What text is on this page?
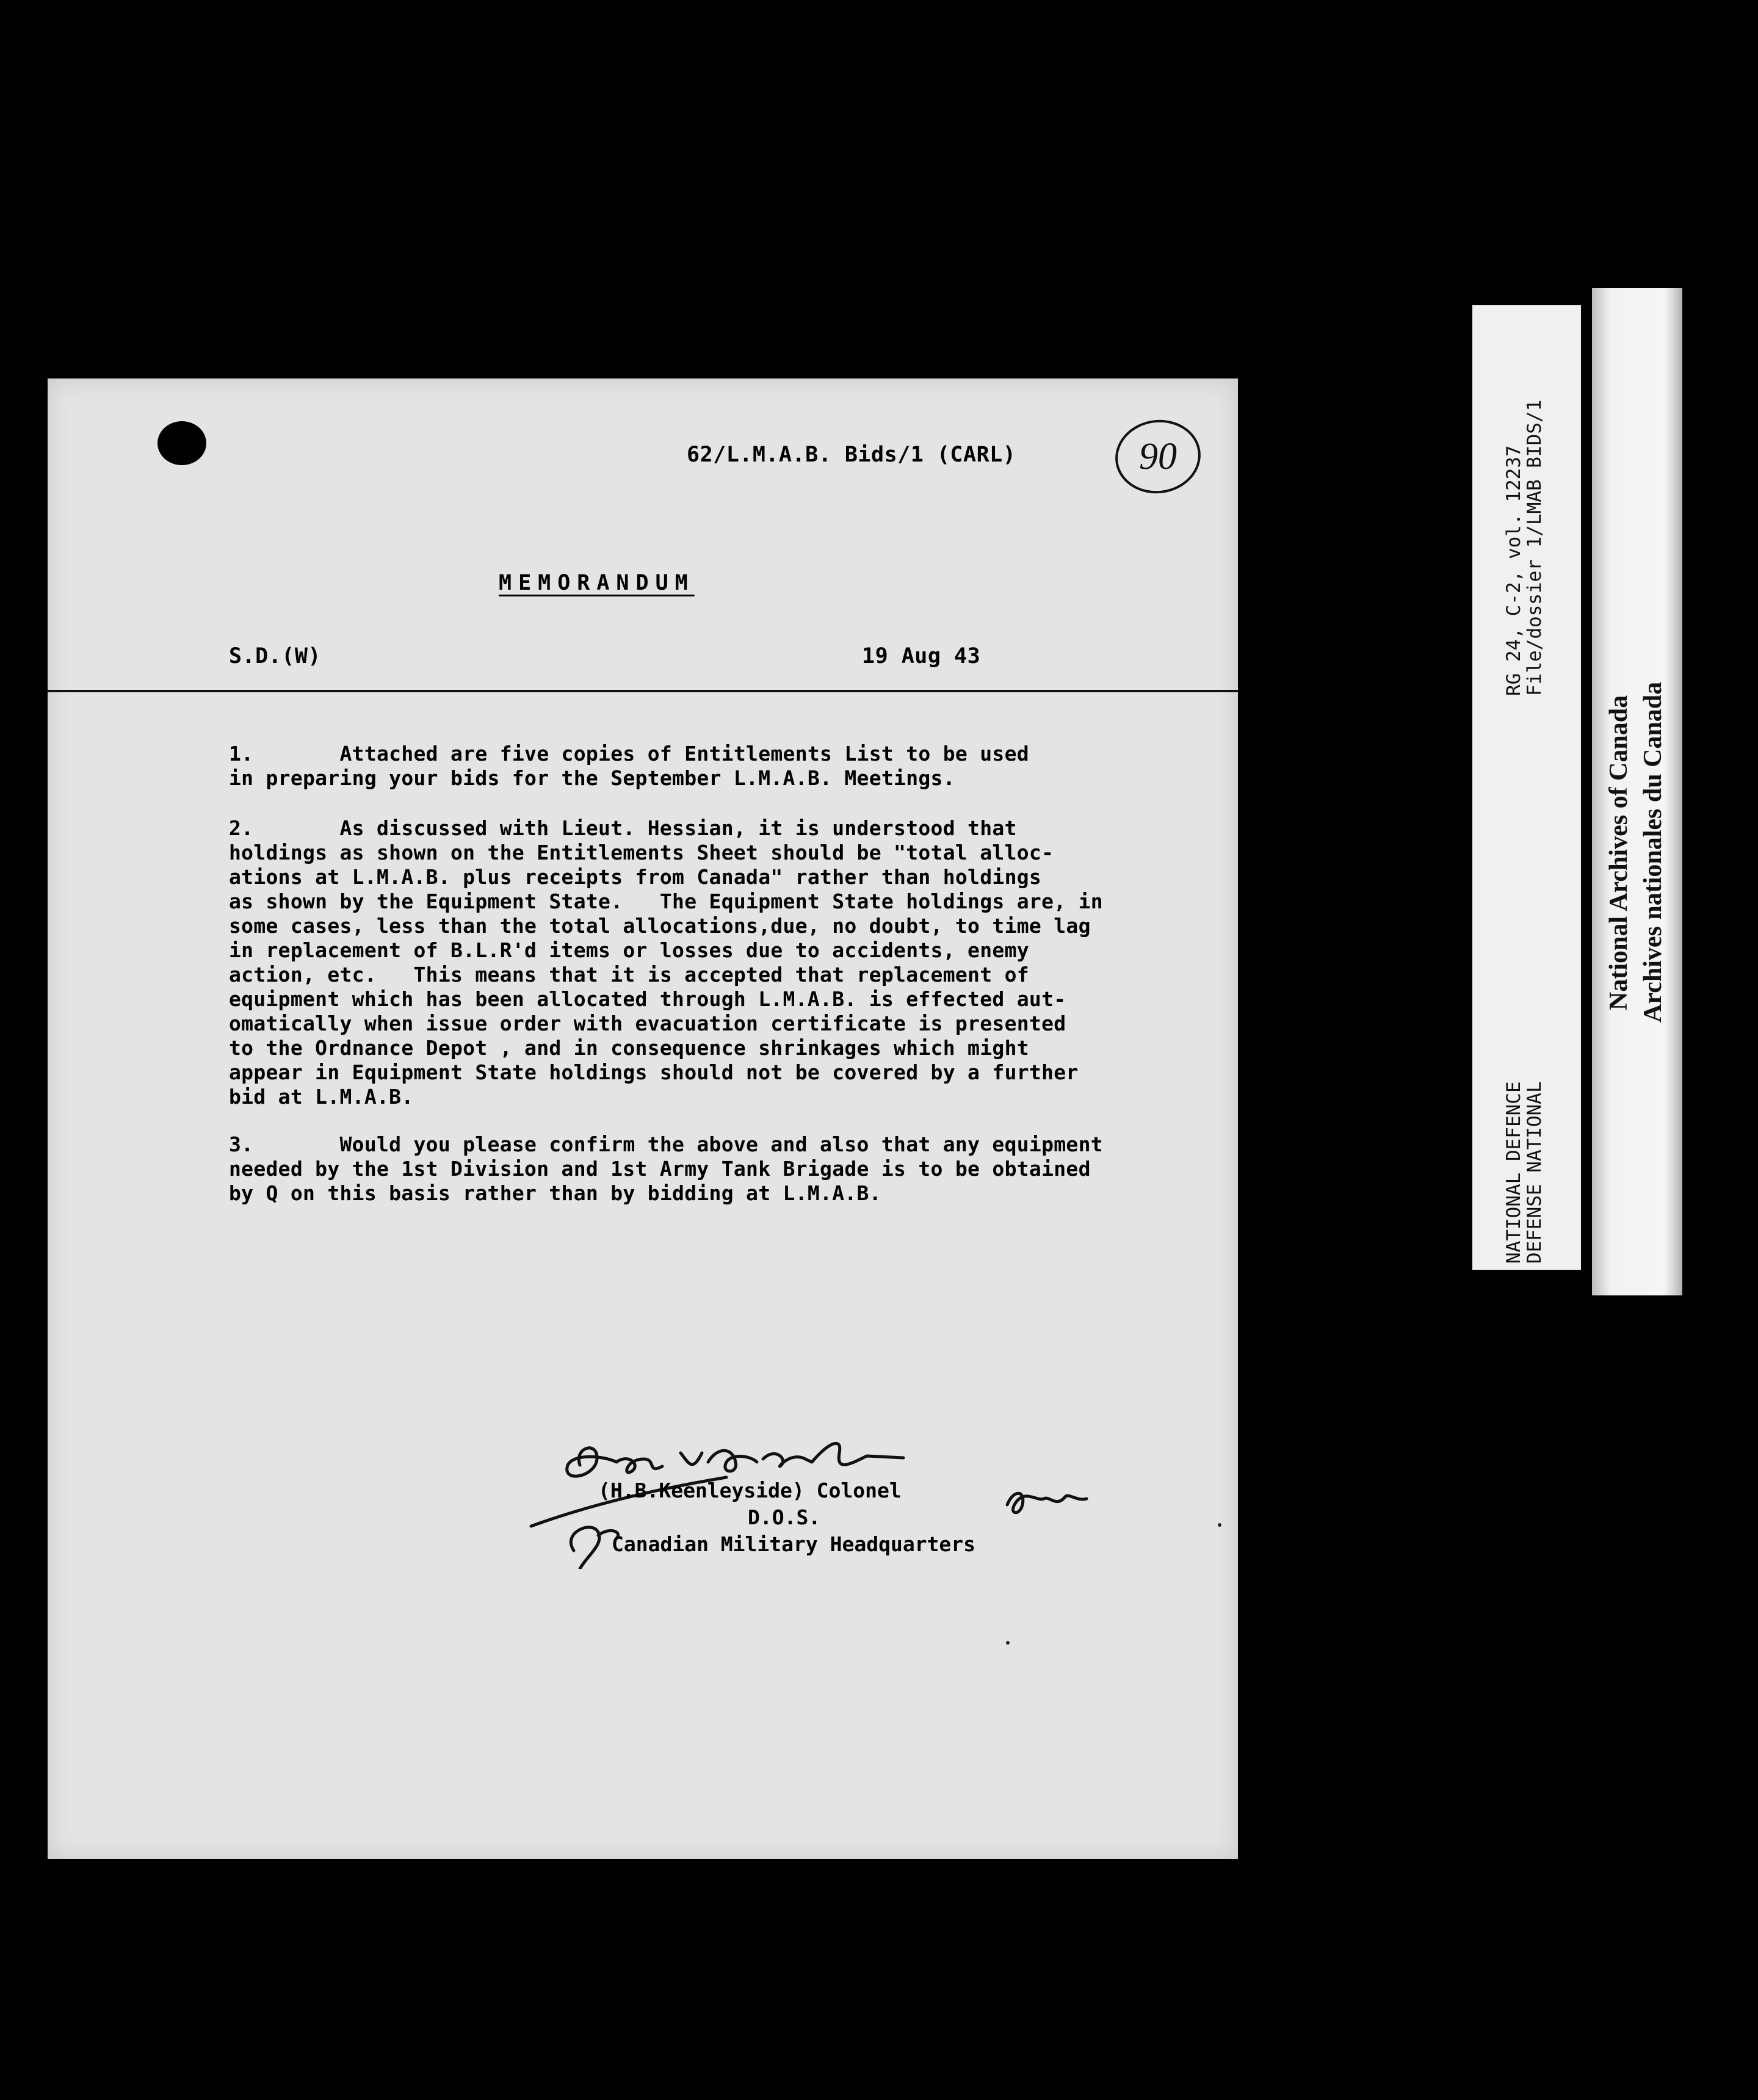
90
62/L.M.A.B. Bids/1 (CARL)
MEMORANDUM
S.D.(W)	19 Aug 43
1.       Attached are five copies of Entitlements List to be used
in preparing your bids for the September L.M.A.B. Meetings.
2.       As discussed with Lieut. Hessian, it is understood that
holdings as shown on the Entitlements Sheet should be "total alloc-
ations at L.M.A.B. plus receipts from Canada" rather than holdings
as shown by the Equipment State.   The Equipment State holdings are, in
some cases, less than the total allocations,due, no doubt, to time lag
in replacement of B.L.R'd items or losses due to accidents, enemy
action, etc.   This means that it is accepted that replacement of
equipment which has been allocated through L.M.A.B. is effected aut-
omatically when issue order with evacuation certificate is presented
to the Ordnance Depot , and in consequence shrinkages which might
appear in Equipment State holdings should not be covered by a further
bid at L.M.A.B.
3.       Would you please confirm the above and also that any equipment
needed by the 1st Division and 1st Army Tank Brigade is to be obtained
by Q on this basis rather than by bidding at L.M.A.B.
(H.B.Keenleyside) Colonel
D.O.S.
Canadian Military Headquarters
RG 24, C-2, vol. 12237
File/dossier 1/LMAB BIDS/1
NATIONAL DEFENCE
DEFENSE NATIONAL
National Archives of Canada Archives nationales du Canada
